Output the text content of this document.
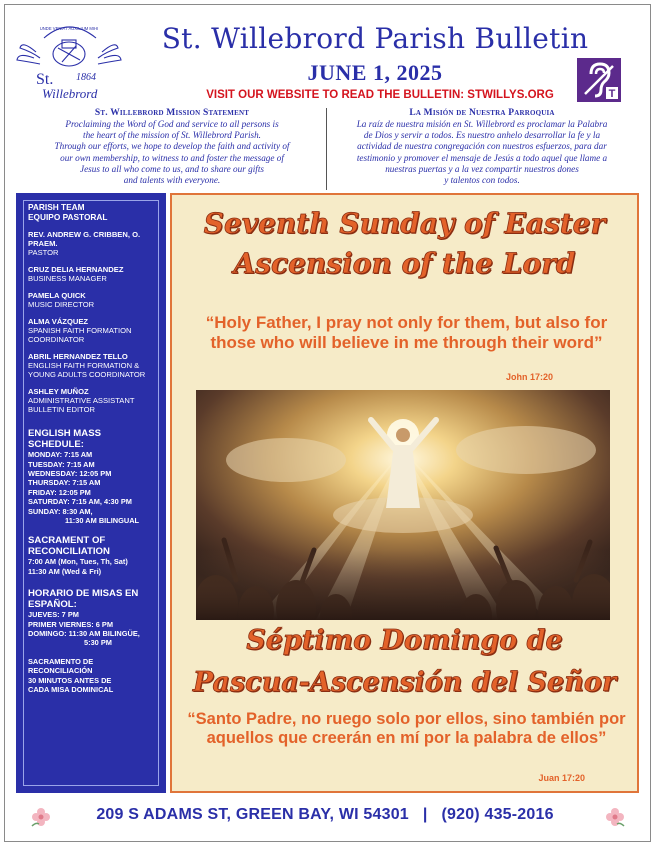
UNDE VENIAT AUXILIUM MIHI
St. 1864
Willebrord
St. Willebrord Parish Bulletin
JUNE 1, 2025
VISIT OUR WEBSITE TO READ THE BULLETIN: STWILLYS.ORG	T
St. Willebrord Mission Statement

Proclaiming the Word of God and service to all persons is

the heart of the mission of St. Willebrord Parish.

Through our efforts, we hope to develop the faith and activity of

our own membership, to witness to and foster the message of

Jesus to all who come to us, and to share our gifts

and talents with everyone.

La Misión de Nuestra Parroquia

La raíz de nuestra misión en St. Willebrord es proclamar la Palabra

de Dios y servir a todos. Es nuestro anhelo desarrollar la fe y la

actividad de nuestra congregación con nuestros esfuerzos, para dar

testimonio y promover el mensaje de Jesús a todo aquel que llame a

nuestras puertas y a la vez compartir nuestros dones

y talentos con todos.

PARISH TEAM
EQUIPO PASTORAL
REV. ANDREW G. CRIBBEN, O. PRAEM.
PASTOR
CRUZ DELIA HERNANDEZ
BUSINESS MANAGER
PAMELA QUICK
MUSIC DIRECTOR
ALMA VÁZQUEZ
SPANISH FAITH FORMATION COORDINATOR
ABRIL HERNANDEZ TELLO
ENGLISH FAITH FORMATION & YOUNG ADULTS COORDINATOR
ASHLEY MUÑOZ
ADMINISTRATIVE ASSISTANT BULLETIN EDITOR
ENGLISH MASS SCHEDULE:
MONDAY: 7:15 AM
TUESDAY: 7:15 AM
WEDNESDAY: 12:05 PM
THURSDAY: 7:15 AM
FRIDAY: 12:05 PM
SATURDAY: 7:15 AM, 4:30 PM
SUNDAY: 8:30 AM,
11:30 AM BILINGUAL
SACRAMENT OF RECONCILIATION
7:00 AM (Mon, Tues, Th, Sat)
11:30 AM (Wed & Fri)
HORARIO DE MISAS EN ESPAÑOL:
JUEVES: 7 PM
PRIMER VIERNES: 6 PM
DOMINGO: 11:30 AM BILINGÜE,
5:30 PM
SACRAMENTO DE
RECONCILIACIÓN
30 MINUTOS ANTES DE
CADA MISA DOMINICAL
Seventh Sunday of Easter
Ascension of the Lord
“Holy Father, I pray not only for them, but also for those who will believe in me through their word”
John 17:20
Séptimo Domingo de
Pascua-Ascensión del Señor
“Santo Padre, no ruego solo por ellos, sino también por aquellos que creerán en mí por la palabra de ellos”
Juan 17:20
209 S ADAMS ST, GREEN BAY, WI 54301 | (920) 435-2016
